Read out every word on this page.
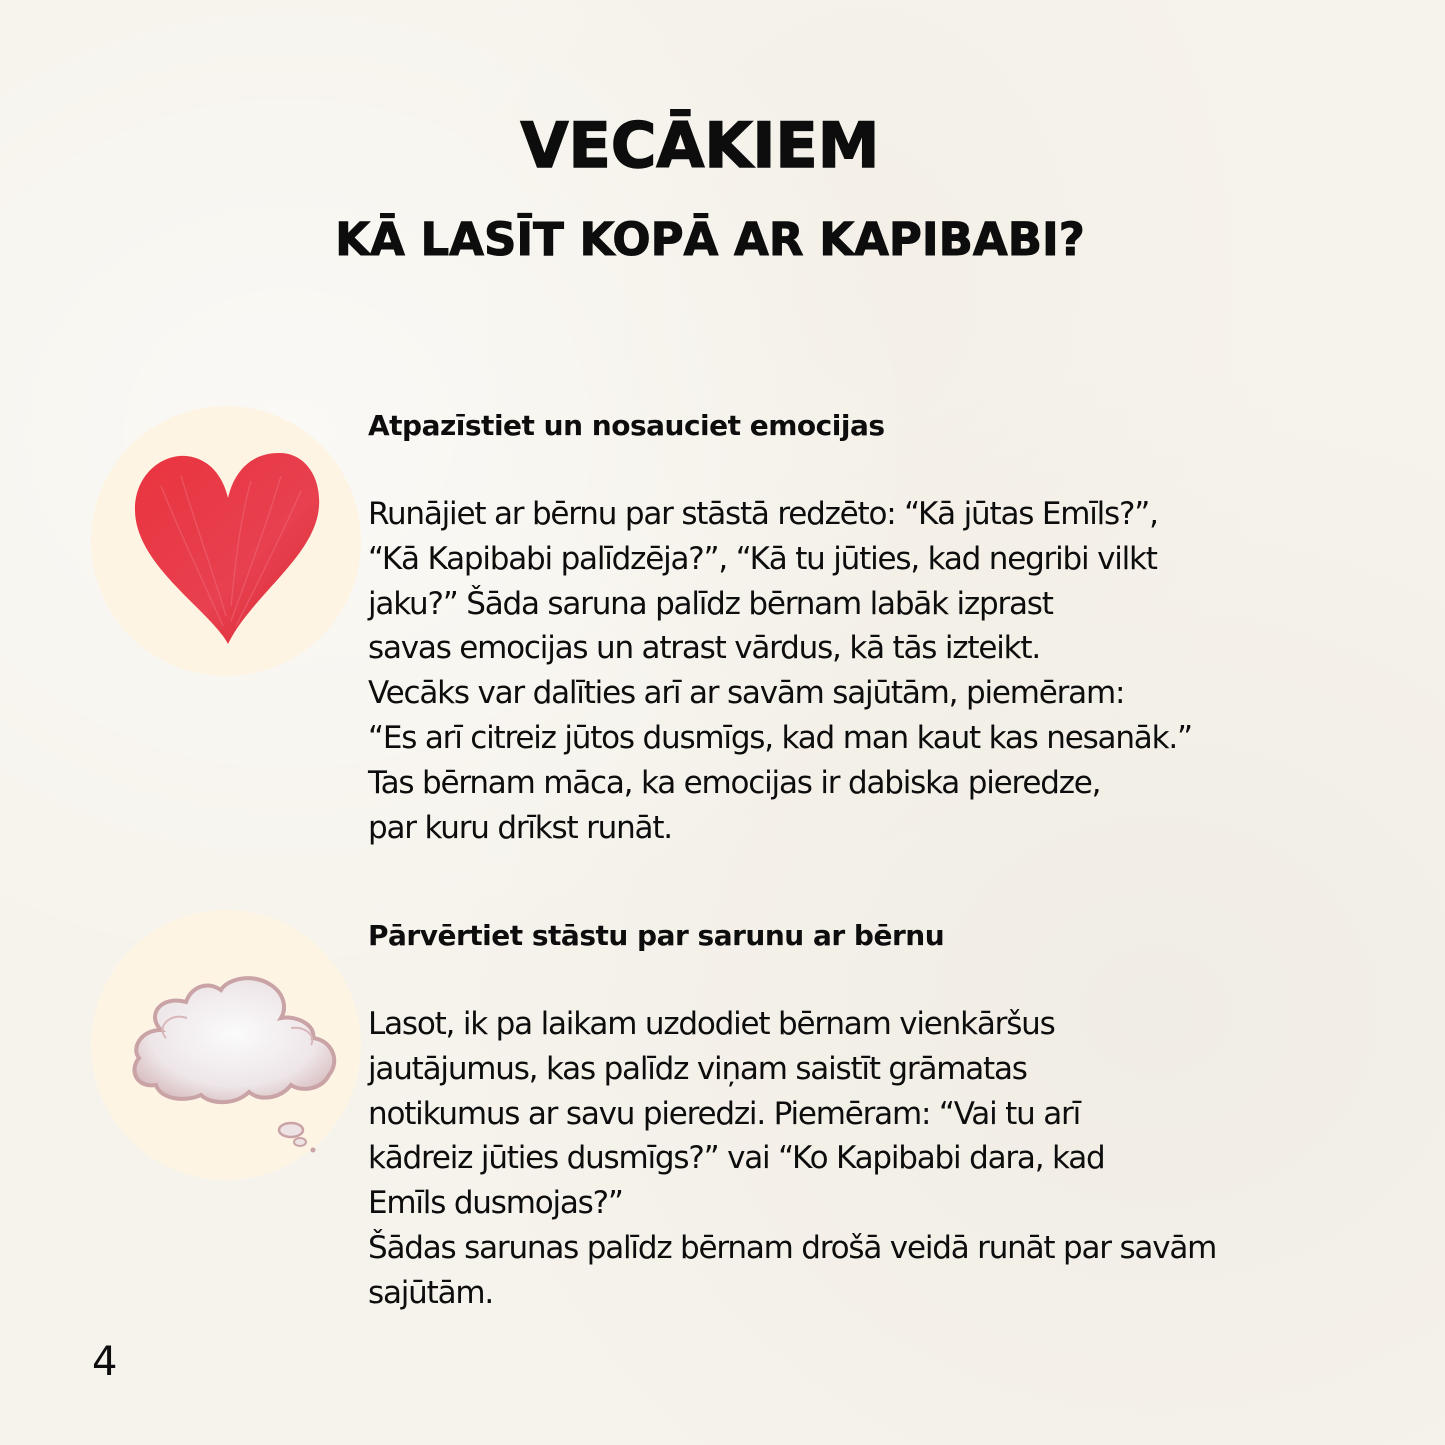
VECĀKIEM
KĀ LASĪT KOPĀ AR KAPIBABI?

Atpazīstiet un nosauciet emocijas

Runājiet ar bērnu par stāstā redzēto: “Kā jūtas Emīls?”,

“Kā Kapibabi palīdzēja?”, “Kā tu jūties, kad negribi vilkt

jaku?” Šāda saruna palīdz bērnam labāk izprast

savas emocijas un atrast vārdus, kā tās izteikt.

Vecāks var dalīties arī ar savām sajūtām, piemēram:

“Es arī citreiz jūtos dusmīgs, kad man kaut kas nesanāk.”

Tas bērnam māca, ka emocijas ir dabiska pieredze,

par kuru drīkst runāt.

Pārvērtiet stāstu par sarunu ar bērnu

Lasot, ik pa laikam uzdodiet bērnam vienkāršus

jautājumus, kas palīdz viņam saistīt grāmatas

notikumus ar savu pieredzi. Piemēram: “Vai tu arī

kādreiz jūties dusmīgs?” vai “Ko Kapibabi dara, kad

Emīls dusmojas?”

Šādas sarunas palīdz bērnam drošā veidā runāt par savām

sajūtām.

4
